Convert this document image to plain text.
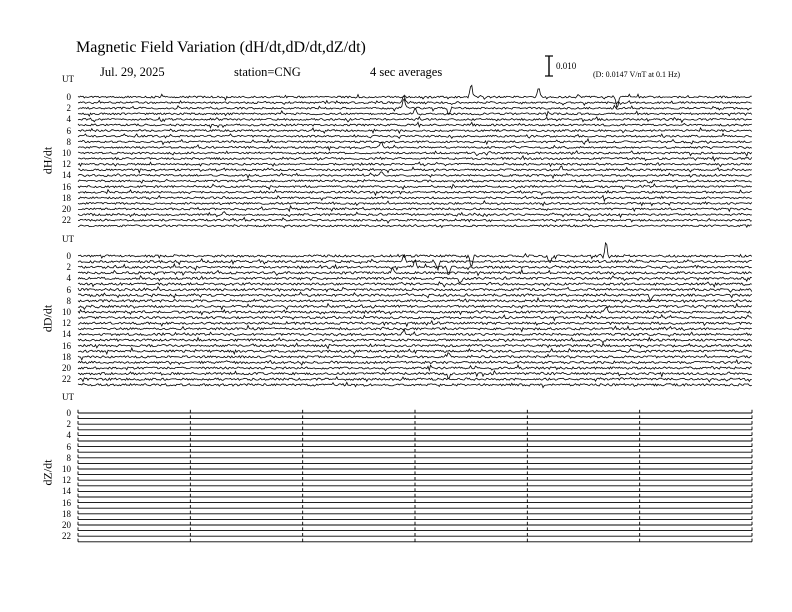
Magnetic Field Variation (dH/dt,dD/dt,dZ/dt)
Jul. 29, 2025	station=CNG	4 sec averages	0.010
(D: 0.0147 V/nT at 0.1 Hz)
UT
dH/dt
0
2
4
6
8
10
12
14
16
18
20
22
UT
dD/dt
0
2
4
6
8
10
12
14
16
18
20
22
UT
dZ/dt
0
2
4
6
8
10
12
14
16
18
20
22
